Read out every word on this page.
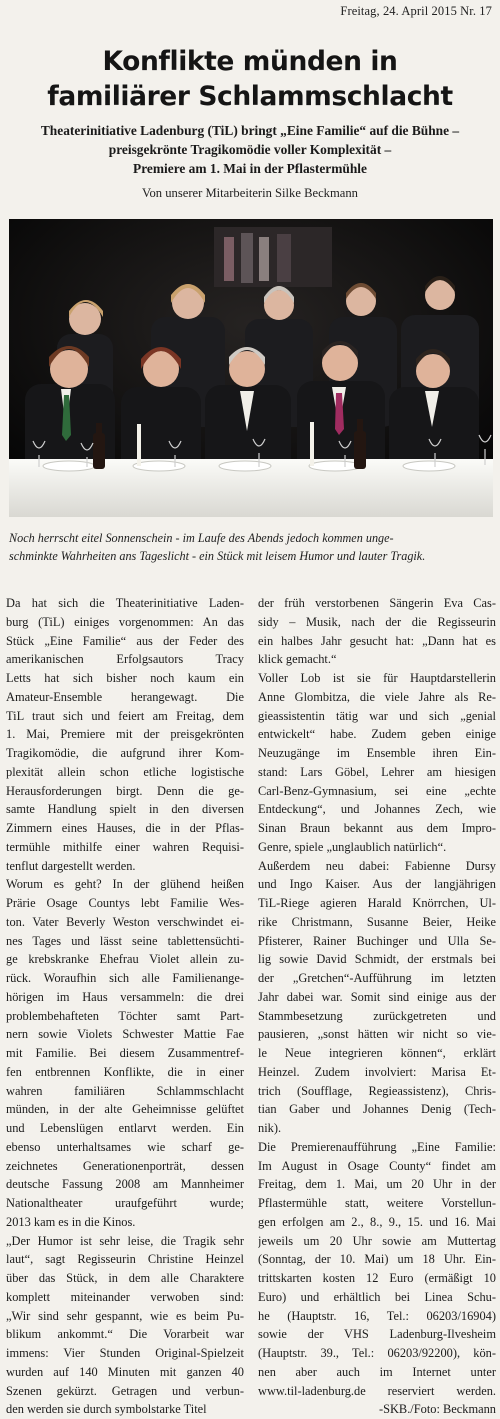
Freitag, 24. April 2015 Nr. 17
Konflikte münden in
familiärer Schlammschlacht
Theaterinitiative Ladenburg (TiL) bringt „Eine Familie“ auf die Bühne –
preisgekrönte Tragikomödie voller Komplexität –
Premiere am 1. Mai in der Pflastermühle
Von unserer Mitarbeiterin Silke Beckmann
Noch herrscht eitel Sonnenschein - im Laufe des Abends jedoch kommen unge-
schminkte Wahrheiten ans Tageslicht - ein Stück mit leisem Humor und lauter Tragik.
Da hat sich die Theaterinitiative Laden-
burg (TiL) einiges vorgenommen: An das
Stück „Eine Familie“ aus der Feder des
amerikanischen Erfolgsautors Tracy
Letts hat sich bisher noch kaum ein
Amateur-Ensemble herangewagt. Die
TiL traut sich und feiert am Freitag, dem
1. Mai, Premiere mit der preisgekrönten
Tragikomödie, die aufgrund ihrer Kom-
plexität allein schon etliche logistische
Herausforderungen birgt. Denn die ge-
samte Handlung spielt in den diversen
Zimmern eines Hauses, die in der Pflas-
termühle mithilfe einer wahren Requisi-
tenflut dargestellt werden.
Worum es geht? In der glühend heißen
Prärie Osage Countys lebt Familie Wes-
ton. Vater Beverly Weston verschwindet ei-
nes Tages und lässt seine tablettensüchti-
ge krebskranke Ehefrau Violet allein zu-
rück. Woraufhin sich alle Familienange-
hörigen im Haus versammeln: die drei
problembehafteten Töchter samt Part-
nern sowie Violets Schwester Mattie Fae
mit Familie. Bei diesem Zusammentref-
fen entbrennen Konflikte, die in einer
wahren familiären Schlammschlacht
münden, in der alte Geheimnisse gelüftet
und Lebenslügen entlarvt werden. Ein
ebenso unterhaltsames wie scharf ge-
zeichnetes Generationenporträt, dessen
deutsche Fassung 2008 am Mannheimer
Nationaltheater uraufgeführt wurde;
2013 kam es in die Kinos.
„Der Humor ist sehr leise, die Tragik sehr
laut“, sagt Regisseurin Christine Heinzel
über das Stück, in dem alle Charaktere
komplett miteinander verwoben sind:
„Wir sind sehr gespannt, wie es beim Pu-
blikum ankommt.“ Die Vorarbeit war
immens: Vier Stunden Original-Spielzeit
wurden auf 140 Minuten mit ganzen 40
Szenen gekürzt. Getragen und verbun-
den werden sie durch symbolstarke Titel
der früh verstorbenen Sängerin Eva Cas-
sidy – Musik, nach der die Regisseurin
ein halbes Jahr gesucht hat: „Dann hat es
klick gemacht.“
Voller Lob ist sie für Hauptdarstellerin
Anne Glombitza, die viele Jahre als Re-
gieassistentin tätig war und sich „genial
entwickelt“ habe. Zudem geben einige
Neuzugänge im Ensemble ihren Ein-
stand: Lars Göbel, Lehrer am hiesigen
Carl-Benz-Gymnasium, sei eine „echte
Entdeckung“, und Johannes Zech, wie
Sinan Braun bekannt aus dem Impro-
Genre, spiele „unglaublich natürlich“.
Außerdem neu dabei: Fabienne Dursy
und Ingo Kaiser. Aus der langjährigen
TiL-Riege agieren Harald Knörrchen, Ul-
rike Christmann, Susanne Beier, Heike
Pfisterer, Rainer Buchinger und Ulla Se-
lig sowie David Schmidt, der erstmals bei
der „Gretchen“-Aufführung im letzten
Jahr dabei war. Somit sind einige aus der
Stammbesetzung zurückgetreten und
pausieren, „sonst hätten wir nicht so vie-
le Neue integrieren können“, erklärt
Heinzel. Zudem involviert: Marisa Et-
trich (Soufflage, Regieassistenz), Chris-
tian Gaber und Johannes Denig (Tech-
nik).
Die Premierenaufführung „Eine Familie:
Im August in Osage County“ findet am
Freitag, dem 1. Mai, um 20 Uhr in der
Pflastermühle statt, weitere Vorstellun-
gen erfolgen am 2., 8., 9., 15. und 16. Mai
jeweils um 20 Uhr sowie am Muttertag
(Sonntag, der 10. Mai) um 18 Uhr. Ein-
trittskarten kosten 12 Euro (ermäßigt 10
Euro) und erhältlich bei Linea Schu-
he (Hauptstr. 16, Tel.: 06203/16904)
sowie der VHS Ladenburg-Ilvesheim
(Hauptstr. 39., Tel.: 06203/92200), kön-
nen aber auch im Internet unter
www.til-ladenburg.de reserviert werden.
-SKB./Foto: Beckmann
